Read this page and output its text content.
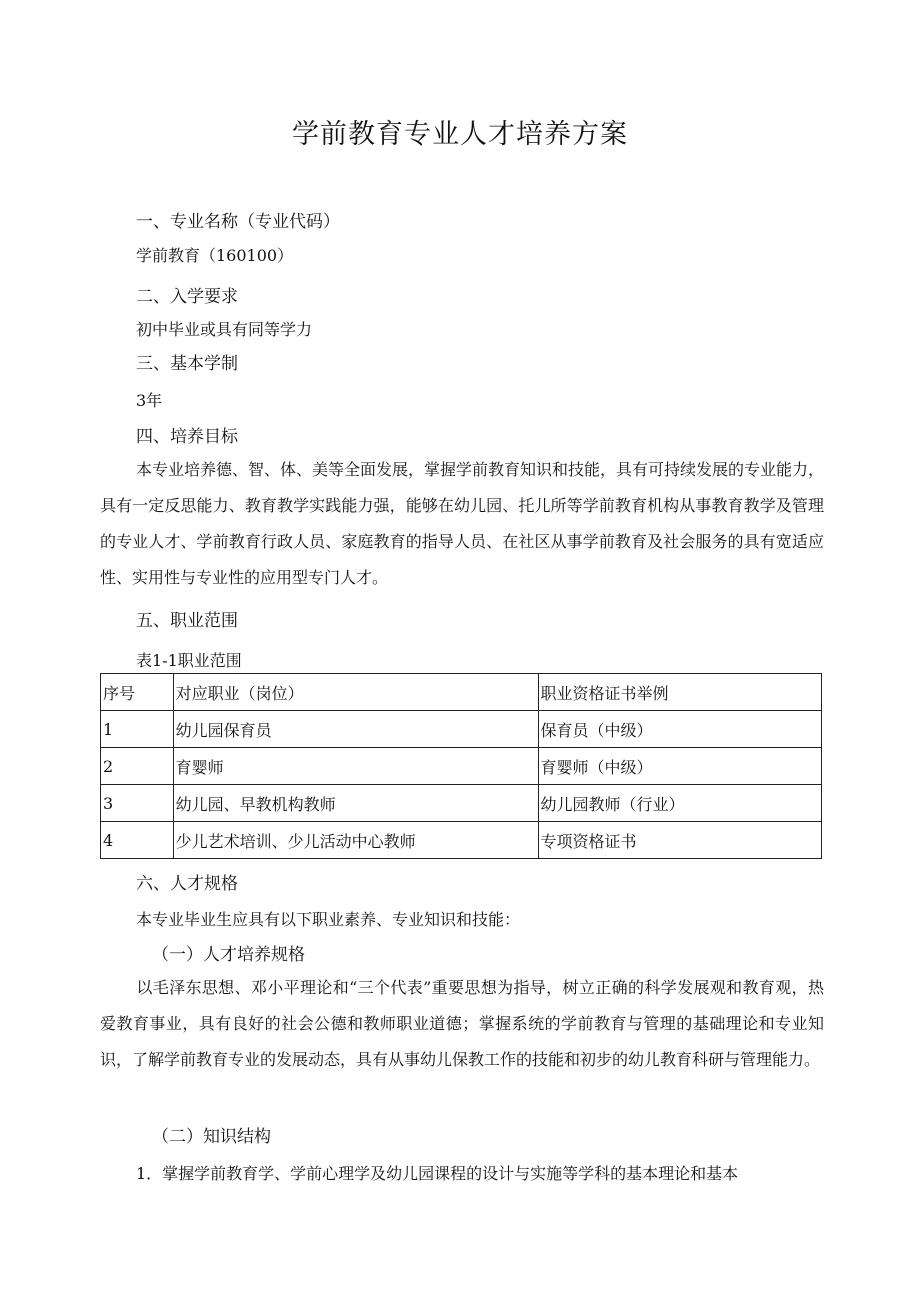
学前教育专业人才培养方案
一、专业名称（专业代码）
学前教育（160100）
二、入学要求
初中毕业或具有同等学力
三、基本学制
3年
四、培养目标
本专业培养德、智、体、美等全面发展，掌握学前教育知识和技能，具有可持续发展的专业能力，具有一定反思能力、教育教学实践能力强，能够在幼儿园、托儿所等学前教育机构从事教育教学及管理的专业人才、学前教育行政人员、家庭教育的指导人员、在社区从事学前教育及社会服务的具有宽适应性、实用性与专业性的应用型专门人才。
五、职业范围
表1-1职业范围
序号	对应职业（岗位）	职业资格证书举例
1	幼儿园保育员	保育员（中级）
2	育婴师	育婴师（中级）
3	幼儿园、早教机构教师	幼儿园教师（行业）
4	少儿艺术培训、少儿活动中心教师	专项资格证书
六、人才规格
本专业毕业生应具有以下职业素养、专业知识和技能：
（一）人才培养规格
以毛泽东思想、邓小平理论和“三个代表”重要思想为指导，树立正确的科学发展观和教育观，热爱教育事业，具有良好的社会公德和教师职业道德；掌握系统的学前教育与管理的基础理论和专业知识，了解学前教育专业的发展动态，具有从事幼儿保教工作的技能和初步的幼儿教育科研与管理能力。
（二）知识结构
1．掌握学前教育学、学前心理学及幼儿园课程的设计与实施等学科的基本理论和基本
